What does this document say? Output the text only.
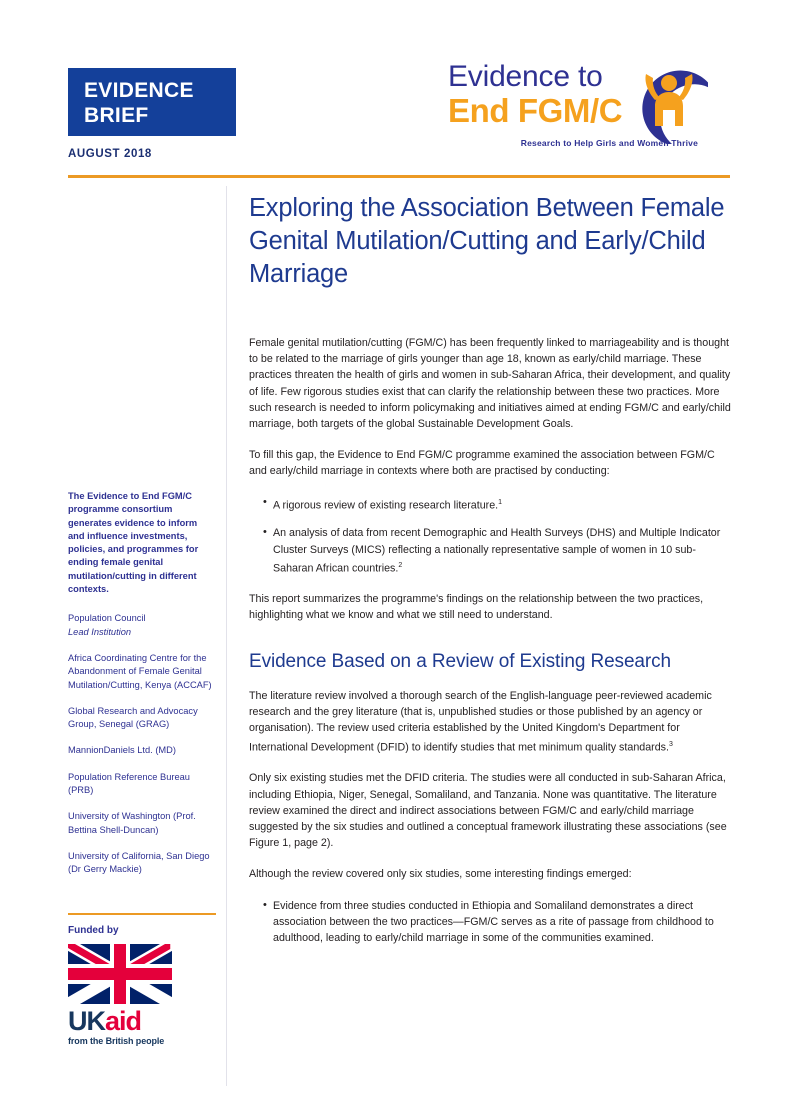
EVIDENCE
BRIEF
AUGUST 2018
Evidence to
End FGM/C
Research to Help Girls and Women Thrive

The Evidence to End FGM/C programme consortium generates evidence to inform and influence investments, policies, and programmes for ending female genital mutilation/cutting in different contexts.

Population Council
Lead Institution
Africa Coordinating Centre for the Abandonment of Female Genital Mutilation/Cutting, Kenya (ACCAF)
Global Research and Advocacy Group, Senegal (GRAG)
MannionDaniels Ltd. (MD)
Population Reference Bureau (PRB)
University of Washington (Prof. Bettina Shell-Duncan)
University of California, San Diego (Dr Gerry Mackie)
Funded by
UKaid
from the British people
Exploring the Association Between Female Genital Mutilation/Cutting and Early/Child Marriage

Female genital mutilation/cutting (FGM/C) has been frequently linked to marriageability and is thought to be related to the marriage of girls younger than age 18, known as early/child marriage. These practices threaten the health of girls and women in sub-Saharan Africa, their development, and quality of life. Few rigorous studies exist that can clarify the relationship between these two practices. More such research is needed to inform policymaking and initiatives aimed at ending FGM/C and early/child marriage, both targets of the global Sustainable Development Goals.

To fill this gap, the Evidence to End FGM/C programme examined the association between FGM/C and early/child marriage in contexts where both are practised by conducting:

• A rigorous review of existing research literature.$^1$
• An analysis of data from recent Demographic and Health Surveys (DHS) and Multiple Indicator Cluster Surveys (MICS) reflecting a nationally representative sample of women in 10 sub-Saharan African countries.$^2$

This report summarizes the programme's findings on the relationship between the two practices, highlighting what we know and what we still need to understand.

Evidence Based on a Review of Existing Research

The literature review involved a thorough search of the English-language peer-reviewed academic research and the grey literature (that is, unpublished studies or those published by an agency or organisation). The review used criteria established by the United Kingdom's Department for International Development (DFID) to identify studies that met minimum quality standards.$^3$

Only six existing studies met the DFID criteria. The studies were all conducted in sub-Saharan Africa, including Ethiopia, Niger, Senegal, Somaliland, and Tanzania. None was quantitative. The literature review examined the direct and indirect associations between FGM/C and early/child marriage suggested by the six studies and outlined a conceptual framework illustrating these associations (see Figure 1, page 2).

Although the review covered only six studies, some interesting findings emerged:

• Evidence from three studies conducted in Ethiopia and Somaliland demonstrates a direct association between the two practices—FGM/C serves as a rite of passage from childhood to adulthood, leading to early/child marriage in some of the communities examined.
